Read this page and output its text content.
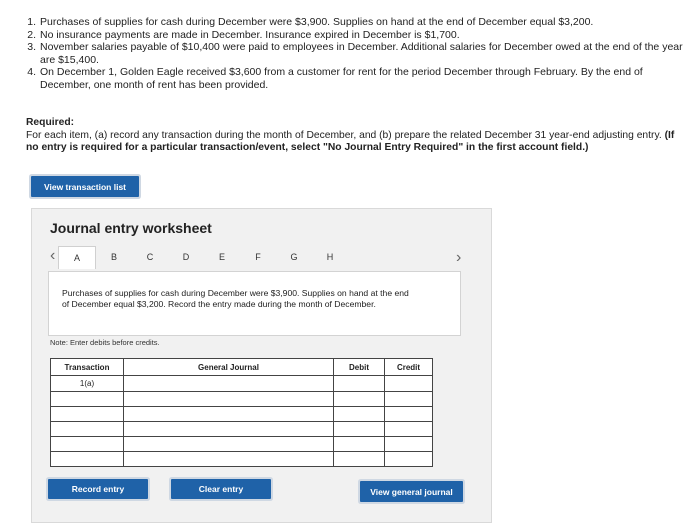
1. Purchases of supplies for cash during December were $3,900. Supplies on hand at the end of December equal $3,200.
2. No insurance payments are made in December. Insurance expired in December is $1,700.
3. November salaries payable of $10,400 were paid to employees in December. Additional salaries for December owed at the end of the year are $15,400.
4. On December 1, Golden Eagle received $3,600 from a customer for rent for the period December through February. By the end of December, one month of rent has been provided.
Required:
For each item, (a) record any transaction during the month of December, and (b) prepare the related December 31 year-end adjusting entry. (If no entry is required for a particular transaction/event, select "No Journal Entry Required" in the first account field.)
View transaction list
Journal entry worksheet
‹	A	B	C	D	E	F	G	H	›
Purchases of supplies for cash during December were $3,900. Supplies on hand at the end of December equal $3,200. Record the entry made during the month of December.
Note: Enter debits before credits.
Transaction	General Journal	Debit	Credit
1(a)			

Record entry	Clear entry	View general journal
